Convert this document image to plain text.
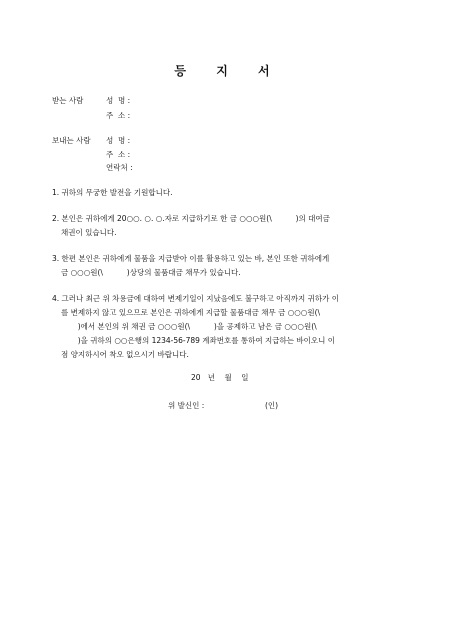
등 지 서
받는 사람	성  명 :
주  소 :
보내는 사람 성  명 :
주  소 :
연락처 :
1. 귀하의 무궁한 발전을 기원합니다.
2. 본인은 귀하에게 20○○. ○. ○.자로 지급하기로 한 금 ○○○원(\          )의 대여금
채권이 있습니다.
3. 한편 본인은 귀하에게 물품을 지급받아 이를 활용하고 있는 바, 본인 또한 귀하에게
금 ○○○원(\          )상당의 물품대금 채무가 있습니다.
4. 그러나 최근 위 차용금에 대하여 변제기일이 지났음에도 불구하고 아직까지 귀하가 이
를 변제하지 않고 있으므로 본인은 귀하에게 지급할 물품대금 채무 금 ○○○원(\
)에서 본인의 위 채권 금 ○○○원(\          )을 공제하고 남은 금 ○○○원(\
)을 귀하의 ○○은행의 1234-56-789 계좌번호를 통하여 지급하는 바이오니 이
점 양지하시어 착오 없으시기 바랍니다.
20   년    월    일
위 발신인 :	(인)
